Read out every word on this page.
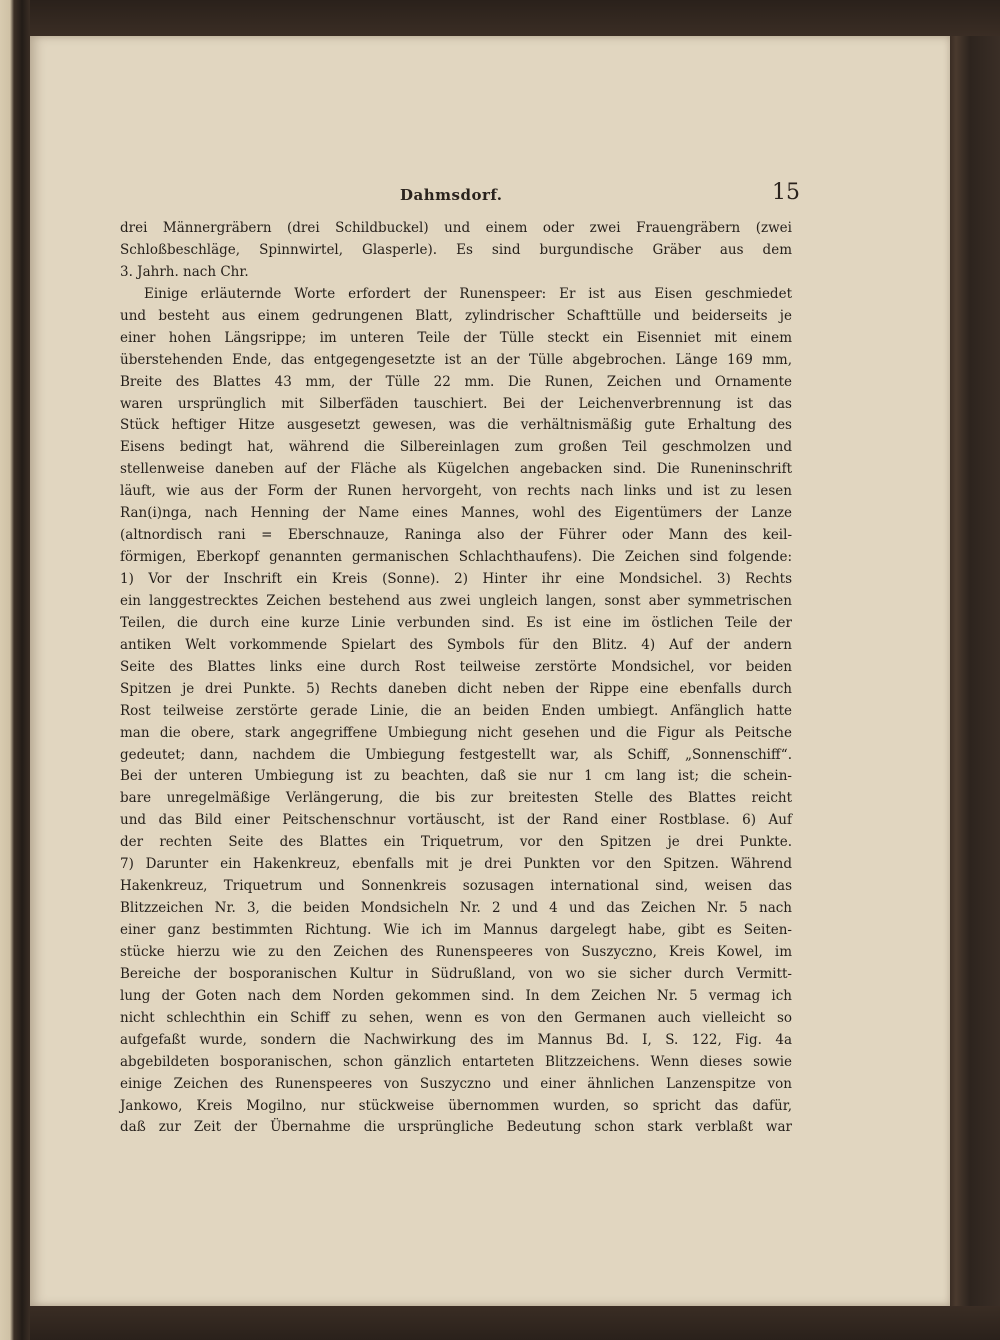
Dahmsdorf.	15
drei Männergräbern (drei Schildbuckel) und einem oder zwei Frauengräbern (zwei
Schloßbeschläge, Spinnwirtel, Glasperle). Es sind burgundische Gräber aus dem
3. Jahrh. nach Chr.
Einige erläuternde Worte erfordert der Runenspeer: Er ist aus Eisen geschmiedet
und besteht aus einem gedrungenen Blatt, zylindrischer Schafttülle und beiderseits je
einer hohen Längsrippe; im unteren Teile der Tülle steckt ein Eisenniet mit einem
überstehenden Ende, das entgegengesetzte ist an der Tülle abgebrochen. Länge 169 mm,
Breite des Blattes 43 mm, der Tülle 22 mm. Die Runen, Zeichen und Ornamente
waren ursprünglich mit Silberfäden tauschiert. Bei der Leichenverbrennung ist das
Stück heftiger Hitze ausgesetzt gewesen, was die verhältnismäßig gute Erhaltung des
Eisens bedingt hat, während die Silbereinlagen zum großen Teil geschmolzen und
stellenweise daneben auf der Fläche als Kügelchen angebacken sind. Die Runeninschrift
läuft, wie aus der Form der Runen hervorgeht, von rechts nach links und ist zu lesen
Ran(i)nga, nach Henning der Name eines Mannes, wohl des Eigentümers der Lanze
(altnordisch rani = Eberschnauze, Raninga also der Führer oder Mann des keil-
förmigen, Eberkopf genannten germanischen Schlachthaufens). Die Zeichen sind folgende:
1) Vor der Inschrift ein Kreis (Sonne). 2) Hinter ihr eine Mondsichel. 3) Rechts
ein langgestrecktes Zeichen bestehend aus zwei ungleich langen, sonst aber symmetrischen
Teilen, die durch eine kurze Linie verbunden sind. Es ist eine im östlichen Teile der
antiken Welt vorkommende Spielart des Symbols für den Blitz. 4) Auf der andern
Seite des Blattes links eine durch Rost teilweise zerstörte Mondsichel, vor beiden
Spitzen je drei Punkte. 5) Rechts daneben dicht neben der Rippe eine ebenfalls durch
Rost teilweise zerstörte gerade Linie, die an beiden Enden umbiegt. Anfänglich hatte
man die obere, stark angegriffene Umbiegung nicht gesehen und die Figur als Peitsche
gedeutet; dann, nachdem die Umbiegung festgestellt war, als Schiff, „Sonnenschiff“.
Bei der unteren Umbiegung ist zu beachten, daß sie nur 1 cm lang ist; die schein-
bare unregelmäßige Verlängerung, die bis zur breitesten Stelle des Blattes reicht
und das Bild einer Peitschenschnur vortäuscht, ist der Rand einer Rostblase. 6) Auf
der rechten Seite des Blattes ein Triquetrum, vor den Spitzen je drei Punkte.
7) Darunter ein Hakenkreuz, ebenfalls mit je drei Punkten vor den Spitzen. Während
Hakenkreuz, Triquetrum und Sonnenkreis sozusagen international sind, weisen das
Blitzzeichen Nr. 3, die beiden Mondsicheln Nr. 2 und 4 und das Zeichen Nr. 5 nach
einer ganz bestimmten Richtung. Wie ich im Mannus dargelegt habe, gibt es Seiten-
stücke hierzu wie zu den Zeichen des Runenspeeres von Suszyczno, Kreis Kowel, im
Bereiche der bosporanischen Kultur in Südrußland, von wo sie sicher durch Vermitt-
lung der Goten nach dem Norden gekommen sind. In dem Zeichen Nr. 5 vermag ich
nicht schlechthin ein Schiff zu sehen, wenn es von den Germanen auch vielleicht so
aufgefaßt wurde, sondern die Nachwirkung des im Mannus Bd. I, S. 122, Fig. 4a
abgebildeten bosporanischen, schon gänzlich entarteten Blitzzeichens. Wenn dieses sowie
einige Zeichen des Runenspeeres von Suszyczno und einer ähnlichen Lanzenspitze von
Jankowo, Kreis Mogilno, nur stückweise übernommen wurden, so spricht das dafür,
daß zur Zeit der Übernahme die ursprüngliche Bedeutung schon stark verblaßt war
